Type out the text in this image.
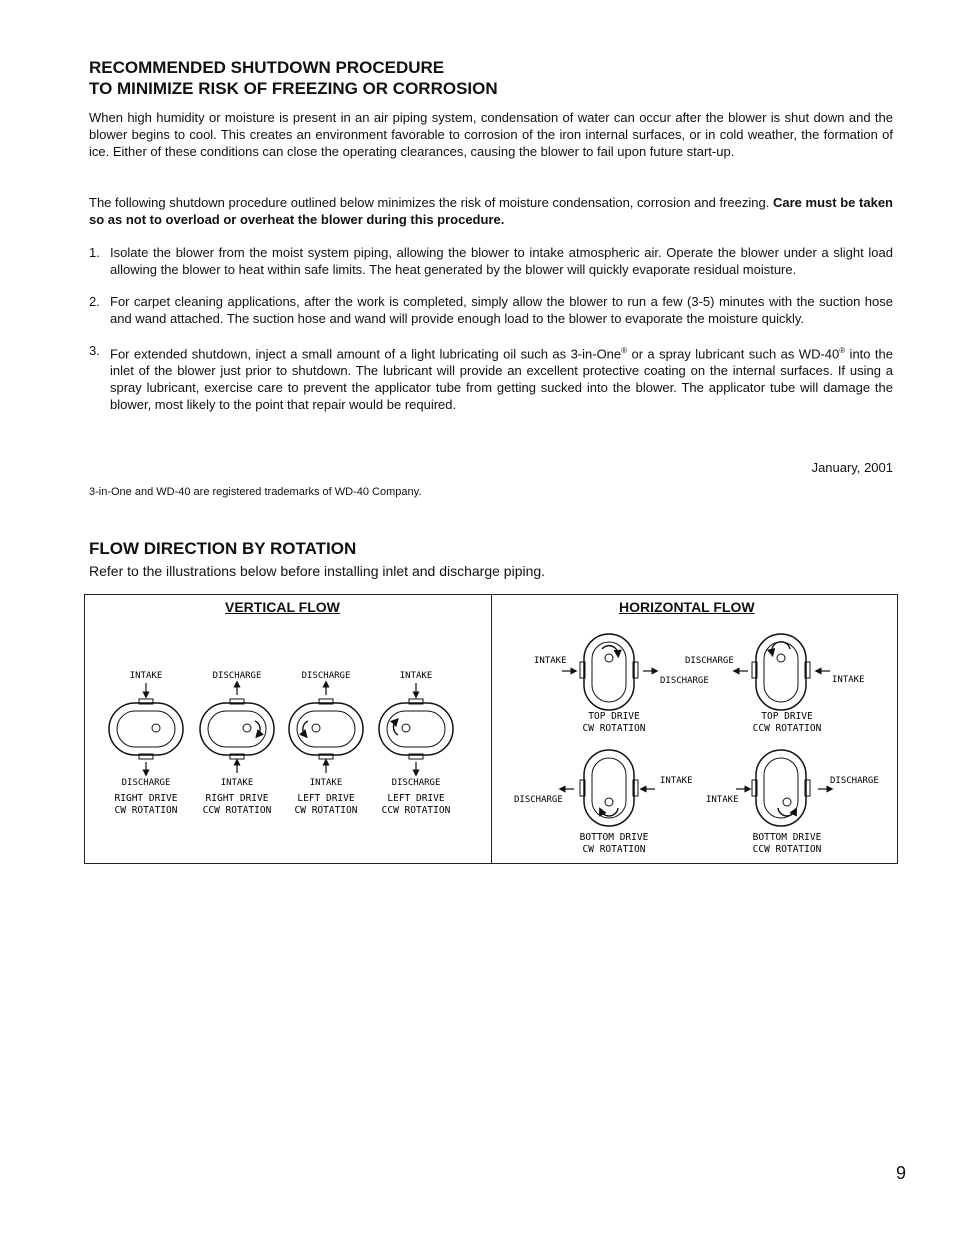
RECOMMENDED SHUTDOWN PROCEDURE
TO MINIMIZE RISK OF FREEZING OR CORROSION

When high humidity or moisture is present in an air piping system, condensation of water can occur after the blower is shut down and the blower begins to cool. This creates an environment favorable to corrosion of the iron internal surfaces, or in cold weather, the formation of ice. Either of these conditions can close the operating clearances, causing the blower to fail upon future start-up.

The following shutdown procedure outlined below minimizes the risk of moisture condensation, corrosion and freezing. Care must be taken so as not to overload or overheat the blower during this procedure.

1. Isolate the blower from the moist system piping, allowing the blower to intake atmospheric air. Operate the blower under a slight load allowing the blower to heat within safe limits. The heat generated by the blower will quickly evaporate residual moisture.
2. For carpet cleaning applications, after the work is completed, simply allow the blower to run a few (3-5) minutes with the suction hose and wand attached. The suction hose and wand will provide enough load to the blower to evaporate the moisture quickly.
3. For extended shutdown, inject a small amount of a light lubricating oil such as 3-in-One® or a spray lubricant such as WD-40® into the inlet of the blower just prior to shutdown. The lubricant will provide an excellent protective coating on the internal surfaces. If using a spray lubricant, exercise care to prevent the applicator tube from getting sucked into the blower. The applicator tube will damage the blower, most likely to the point that repair would be required.
January, 2001
3-in-One and WD-40 are registered trademarks of WD-40 Company.
FLOW DIRECTION BY ROTATION
Refer to the illustrations below before installing inlet and discharge piping.
VERTICAL FLOW	HORIZONTAL FLOW
INTAKE
DISCHARGE
RIGHT DRIVE
CW ROTATION
DISCHARGE
INTAKE
RIGHT DRIVE
CCW ROTATION
DISCHARGE
INTAKE
LEFT DRIVE
CW ROTATION
INTAKE
DISCHARGE
LEFT DRIVE
CCW ROTATION
INTAKE
DISCHARGE
TOP DRIVE
CW ROTATION
DISCHARGE
INTAKE
TOP DRIVE
CCW ROTATION
DISCHARGE
INTAKE
BOTTOM DRIVE
CW ROTATION
INTAKE
DISCHARGE
BOTTOM DRIVE
CCW ROTATION
9
